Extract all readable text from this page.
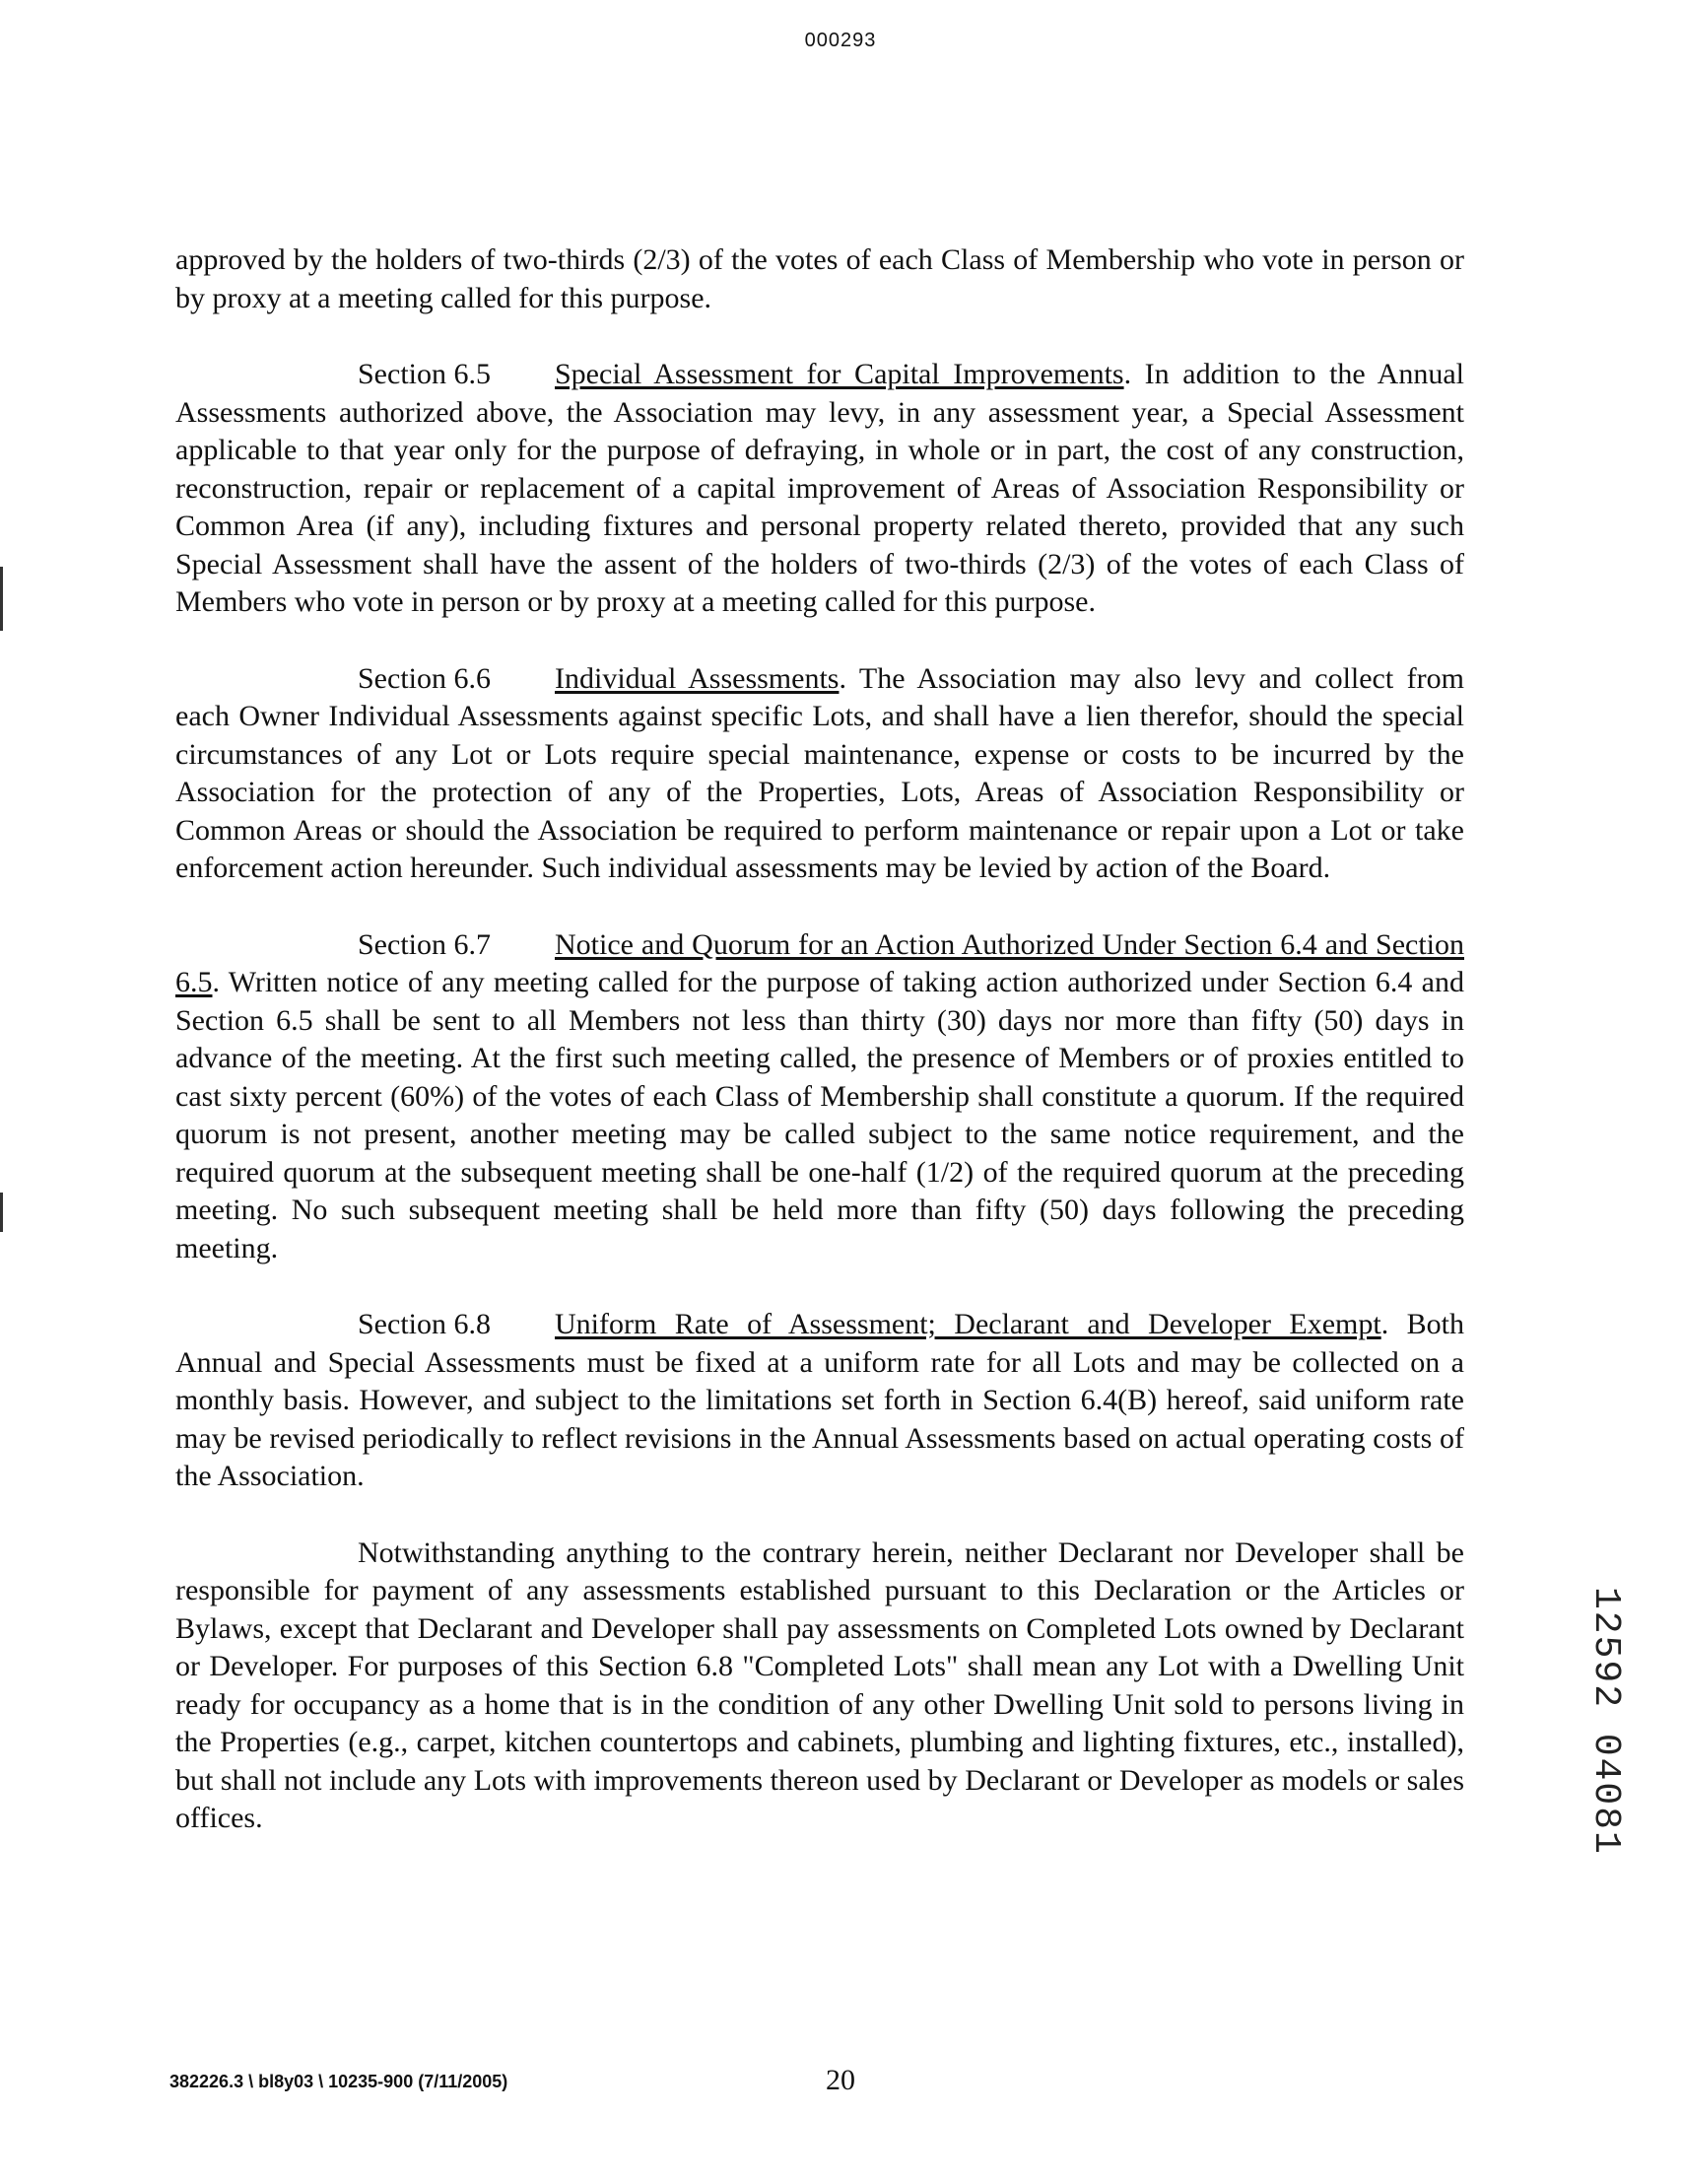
000293

approved by the holders of two-thirds (2/3) of the votes of each Class of Membership who vote in person or by proxy at a meeting called for this purpose.

Section 6.5 Special Assessment for Capital Improvements. In addition to the Annual Assessments authorized above, the Association may levy, in any assessment year, a Special Assessment applicable to that year only for the purpose of defraying, in whole or in part, the cost of any construction, reconstruction, repair or replacement of a capital improvement of Areas of Association Responsibility or Common Area (if any), including fixtures and personal property related thereto, provided that any such Special Assessment shall have the assent of the holders of two-thirds (2/3) of the votes of each Class of Members who vote in person or by proxy at a meeting called for this purpose.

Section 6.6 Individual Assessments. The Association may also levy and collect from each Owner Individual Assessments against specific Lots, and shall have a lien therefor, should the special circumstances of any Lot or Lots require special maintenance, expense or costs to be incurred by the Association for the protection of any of the Properties, Lots, Areas of Association Responsibility or Common Areas or should the Association be required to perform maintenance or repair upon a Lot or take enforcement action hereunder. Such individual assessments may be levied by action of the Board.

Section 6.7 Notice and Quorum for an Action Authorized Under Section 6.4 and Section 6.5. Written notice of any meeting called for the purpose of taking action authorized under Section 6.4 and Section 6.5 shall be sent to all Members not less than thirty (30) days nor more than fifty (50) days in advance of the meeting. At the first such meeting called, the presence of Members or of proxies entitled to cast sixty percent (60%) of the votes of each Class of Membership shall constitute a quorum. If the required quorum is not present, another meeting may be called subject to the same notice requirement, and the required quorum at the subsequent meeting shall be one-half (1/2) of the required quorum at the preceding meeting. No such subsequent meeting shall be held more than fifty (50) days following the preceding meeting.

Section 6.8 Uniform Rate of Assessment; Declarant and Developer Exempt. Both Annual and Special Assessments must be fixed at a uniform rate for all Lots and may be collected on a monthly basis. However, and subject to the limitations set forth in Section 6.4(B) hereof, said uniform rate may be revised periodically to reflect revisions in the Annual Assessments based on actual operating costs of the Association.

Notwithstanding anything to the contrary herein, neither Declarant nor Developer shall be responsible for payment of any assessments established pursuant to this Declaration or the Articles or Bylaws, except that Declarant and Developer shall pay assessments on Completed Lots owned by Declarant or Developer. For purposes of this Section 6.8 "Completed Lots" shall mean any Lot with a Dwelling Unit ready for occupancy as a home that is in the condition of any other Dwelling Unit sold to persons living in the Properties (e.g., carpet, kitchen countertops and cabinets, plumbing and lighting fixtures, etc., installed), but shall not include any Lots with improvements thereon used by Declarant or Developer as models or sales offices.	12592 04081
382226.3 \ bl8y03 \ 10235-900 (7/11/2005)	20
